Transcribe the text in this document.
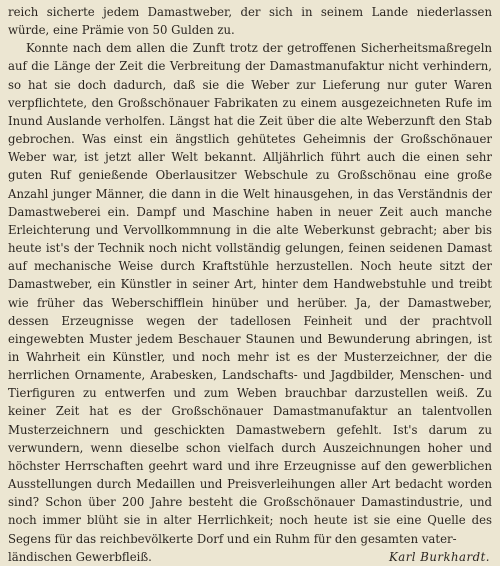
reich sicherte jedem Damastweber, der sich in seinem Lande niederlassen würde, eine Prämie von 50 Gulden zu.

Konnte nach dem allen die Zunft trotz der getroffenen Sicherheitsmaßregeln auf die Länge der Zeit die Verbreitung der Damastmanufaktur nicht verhindern, so hat sie doch dadurch, daß sie die Weber zur Lieferung nur guter Waren verpflichtete, den Großschönauer Fabrikaten zu einem ausgezeichneten Rufe im Inund Auslande verholfen. Längst hat die Zeit über die alte Weberzunft den Stab gebrochen. Was einst ein ängstlich gehütetes Geheimnis der Großschönauer Weber war, ist jetzt aller Welt bekannt. Alljährlich führt auch die einen sehr guten Ruf genießende Oberlausitzer Webschule zu Großschönau eine große Anzahl junger Männer, die dann in die Welt hinausgehen, in das Verständnis der Damastweberei ein. Dampf und Maschine haben in neuer Zeit auch manche Erleichterung und Vervollkommnung in die alte Weberkunst gebracht; aber bis heute ist's der Technik noch nicht vollständig gelungen, feinen seidenen Damast auf mechanische Weise durch Kraftstühle herzustellen. Noch heute sitzt der Damastweber, ein Künstler in seiner Art, hinter dem Handwebstuhle und treibt wie früher das Weberschifflein hinüber und herüber. Ja, der Damastweber, dessen Erzeugnisse wegen der tadellosen Feinheit und der prachtvoll eingewebten Muster jedem Beschauer Staunen und Bewunderung abringen, ist in Wahrheit ein Künstler, und noch mehr ist es der Musterzeichner, der die herrlichen Ornamente, Arabesken, Landschafts- und Jagdbilder, Menschen- und Tierfiguren zu entwerfen und zum Weben brauchbar darzustellen weiß. Zu keiner Zeit hat es der Großschönauer Damastmanufaktur an talentvollen Musterzeichnern und geschickten Damastwebern gefehlt. Ist's darum zu verwundern, wenn dieselbe schon vielfach durch Auszeichnungen hoher und höchster Herrschaften geehrt ward und ihre Erzeugnisse auf den gewerblichen Ausstellungen durch Medaillen und Preisverleihungen aller Art bedacht worden sind? Schon über 200 Jahre besteht die Großschönauer Damastindustrie, und noch immer blüht sie in alter Herrlichkeit; noch heute ist sie eine Quelle des Segens für das reichbevölkerte Dorf und ein Ruhm für den gesamten vater-

ländischen Gewerbfleiß.	Karl Burkhardt.
